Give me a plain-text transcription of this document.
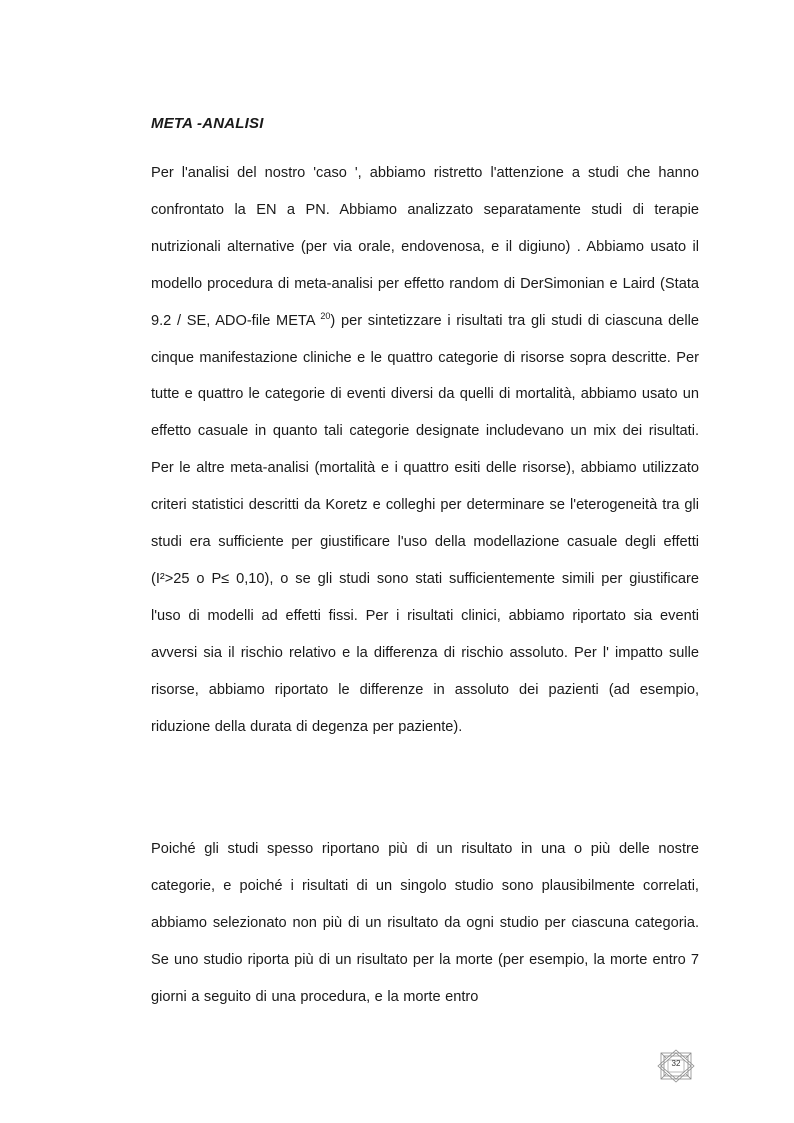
META -ANALISI

Per l'analisi del nostro 'caso ', abbiamo ristretto l'attenzione a studi che hanno confrontato la EN a PN. Abbiamo analizzato separatamente studi di terapie nutrizionali alternative (per via orale, endovenosa, e il digiuno) . Abbiamo usato il modello procedura di meta-analisi per effetto random di DerSimonian e Laird (Stata 9.2 / SE, ADO-file META $^{20}$) per sintetizzare i risultati tra gli studi di ciascuna delle cinque manifestazione cliniche e le quattro categorie di risorse sopra descritte. Per tutte e quattro le categorie di eventi diversi da quelli di mortalità, abbiamo usato un effetto casuale in quanto tali categorie designate includevano un mix dei risultati. Per le altre meta-analisi (mortalità e i quattro esiti delle risorse), abbiamo utilizzato criteri statistici descritti da Koretz e colleghi per determinare se l'eterogeneità tra gli studi era sufficiente per giustificare l'uso della modellazione casuale degli effetti (I²>25 o P≤ 0,10), o se gli studi sono stati sufficientemente simili per giustificare l'uso di modelli ad effetti fissi. Per i risultati clinici, abbiamo riportato sia eventi avversi sia il rischio relativo e la differenza di rischio assoluto. Per l' impatto sulle risorse, abbiamo riportato le differenze in assoluto dei pazienti (ad esempio, riduzione della durata di degenza per paziente).

Poiché gli studi spesso riportano più di un risultato in una o più delle nostre categorie, e poiché i risultati di un singolo studio sono plausibilmente correlati, abbiamo selezionato non più di un risultato da ogni studio per ciascuna categoria. Se uno studio riporta più di un risultato per la morte (per esempio, la morte entro 7 giorni a seguito di una procedura, e la morte entro

32
